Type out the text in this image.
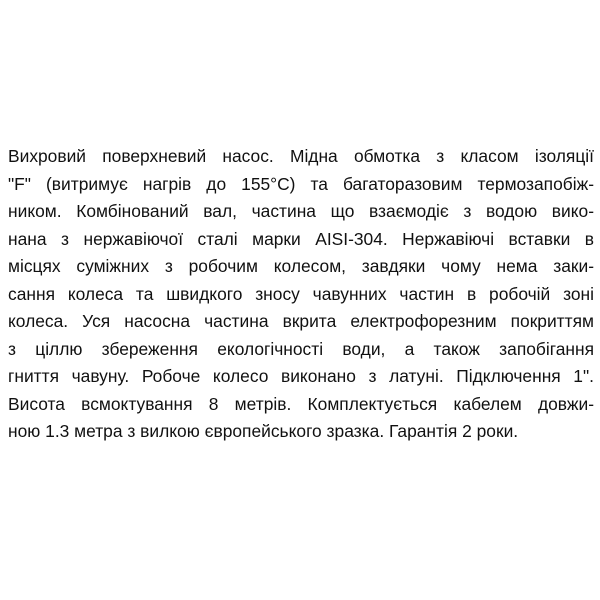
Вихровий поверхневий насос. Мідна обмотка з класом ізоляції
"F" (витримує нагрів до 155°C) та багаторазовим термозапобіж-
ником. Комбінований вал, частина що взаємодіє з водою вико-
нана з нержавіючої сталі марки AISI-304. Нержавіючі вставки в
місцях суміжних з робочим колесом, завдяки чому нема заки-
сання колеса та швидкого зносу чавунних частин в робочій зоні
колеса. Уся насосна частина вкрита електрофорезним покриттям
з ціллю збереження екологічності води, а також запобігання
гниття чавуну. Робоче колесо виконано з латуні. Підключення 1".
Висота всмоктування 8 метрів. Комплектується кабелем довжи-
ною 1.3 метра з вилкою європейського зразка. Гарантія 2 роки.
